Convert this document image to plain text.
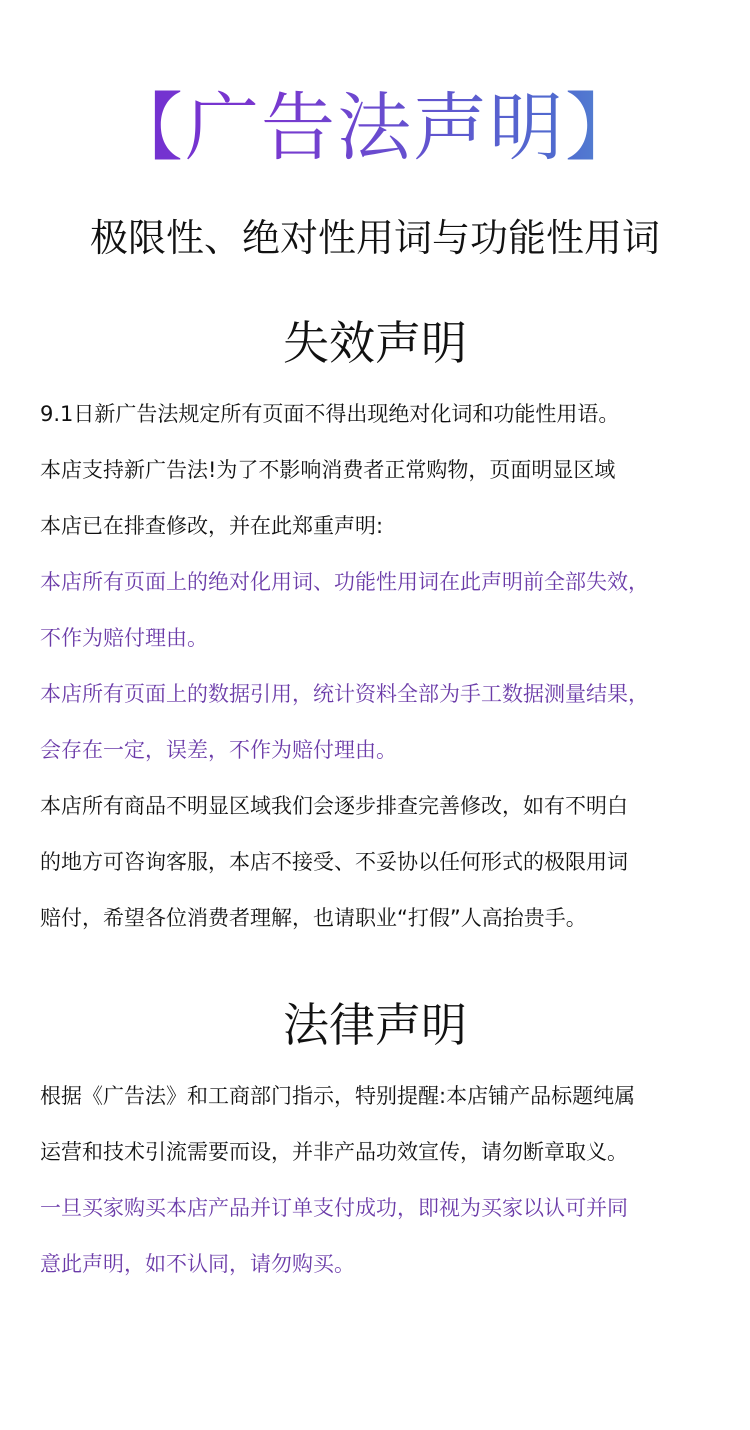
【广告法声明】
极限性、绝对性用词与功能性用词
失效声明
9.1日新广告法规定所有页面不得出现绝对化词和功能性用语。
本店支持新广告法!为了不影响消费者正常购物，页面明显区域
本店已在排查修改，并在此郑重声明:
本店所有页面上的绝对化用词、功能性用词在此声明前全部失效，
不作为赔付理由。
本店所有页面上的数据引用，统计资料全部为手工数据测量结果，
会存在一定，误差，不作为赔付理由。
本店所有商品不明显区域我们会逐步排查完善修改，如有不明白
的地方可咨询客服，本店不接受、不妥协以任何形式的极限用词
赔付，希望各位消费者理解，也请职业“打假”人高抬贵手。
法律声明
根据《广告法》和工商部门指示，特别提醒:本店铺产品标题纯属
运营和技术引流需要而设，并非产品功效宣传，请勿断章取义。
一旦买家购买本店产品并订单支付成功，即视为买家以认可并同
意此声明，如不认同，请勿购买。
